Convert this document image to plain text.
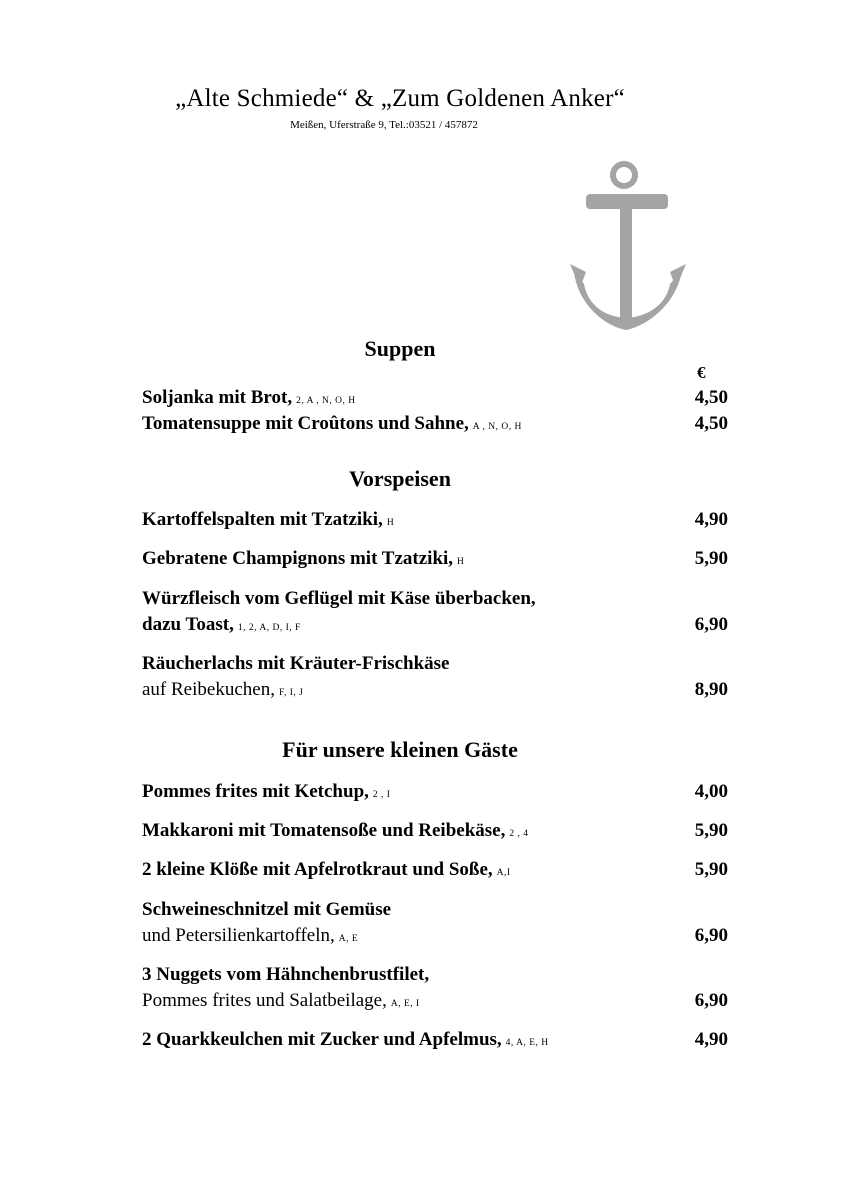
„Alte Schmiede“ & „Zum Goldenen Anker“
Meißen, Uferstraße 9, Tel.:03521 / 457872
Suppen
€
Soljanka mit Brot, 2, A , N, O, H	4,50
Tomatensuppe mit Croûtons und Sahne, A , N, O, H	4,50
Vorspeisen
Kartoffelspalten mit Tzatziki, H	4,90
Gebratene Champignons mit Tzatziki, H	5,90
Würzfleisch vom Geflügel mit Käse überbacken,
dazu Toast, 1, 2, A, D, I, F	6,90
Räucherlachs mit Kräuter-Frischkäse
auf Reibekuchen, F, I, J	8,90
Für unsere kleinen Gäste
Pommes frites mit Ketchup, 2 , I	4,00
Makkaroni mit Tomatensoße und Reibekäse, 2 , 4	5,90
2 kleine Klöße mit Apfelrotkraut und Soße, A,I	5,90
Schweineschnitzel mit Gemüse
und Petersilienkartoffeln, A, E	6,90
3 Nuggets vom Hähnchenbrustfilet,
Pommes frites und Salatbeilage, A, E, I	6,90
2 Quarkkeulchen mit Zucker und Apfelmus, 4, A, E, H	4,90
